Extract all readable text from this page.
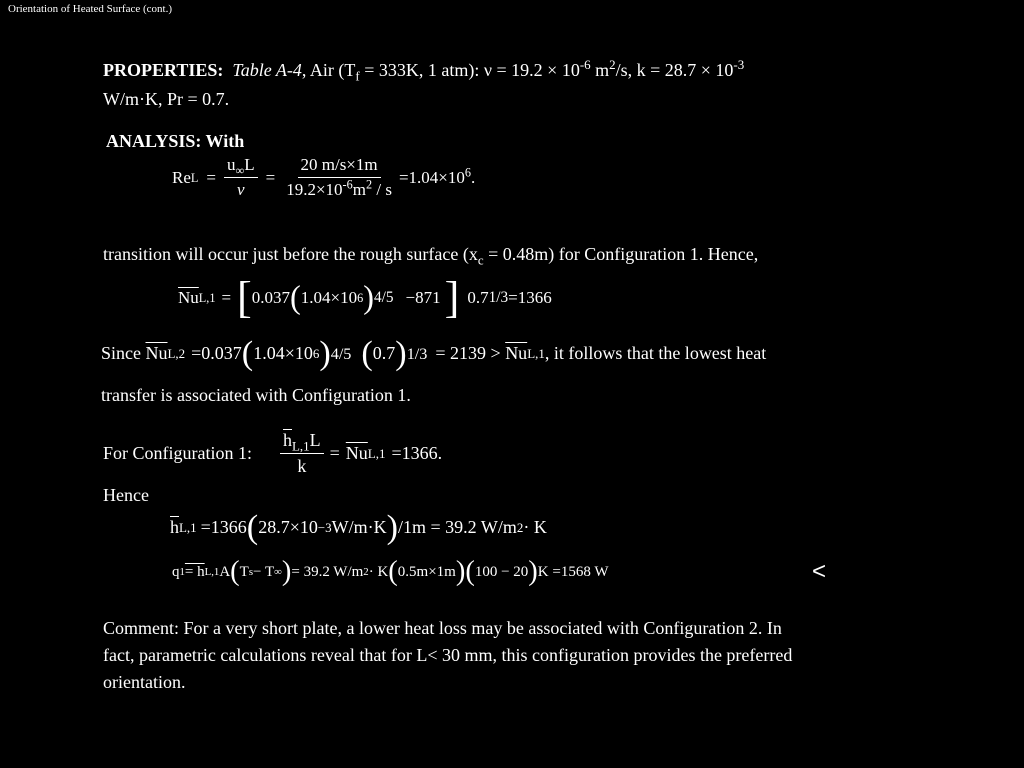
Orientation of Heated Surface (cont.)
PROPERTIES: Table A-4, Air ($T_f = 333K$, 1 atm): $\nu = 19.2 \times 10^{-6}$ $m^2/s$, $k = 28.7 \times 10^{-3}$
W/m·K, Pr = 0.7.
ANALYSIS: With
Re $L = \frac{u_\infty L}{\nu} = \frac{20 m/s\times 1m}{19.2\times 10^{-6}m^2 / s} =1.04\times 10^6$.
transition will occur just before the rough surface $(x_c = 0.48m)$ for Configuration 1. Hence,
$\overline{Nu}$ L,1 = [ 0.037 ( 1.04×10 6 ) 4/5 −871 ] 0.7 1/3 =1366
Since
$\overline{Nu}$ L,2 =0.037 ( 1.04×10 6 ) 4/5 ( 0.7 ) 1/3 = 2139 >
$\overline{Nu}$ L,1 , it follows that the lowest heat
transfer is associated with Configuration 1.
For Configuration 1: $\frac{\overline{h}_{L,1}L}{k} = \overline{Nu}$ L,1 =1366.
Hence
$\overline{h}$ L,1 =1366 ( 28.7×10 −3 W/m·K ) /1m = 39.2 W/m 2 · K
q 1 = h L,1 A ( T s − T ∞ ) = 39.2 W/m 2 · K ( 0.5m×1m ) ( 100 − 20 ) K =1568 W	<
Comment: For a very short plate, a lower heat loss may be associated with Configuration 2. In
fact, parametric calculations reveal that for L< 30 mm, this configuration provides the preferred
orientation.
